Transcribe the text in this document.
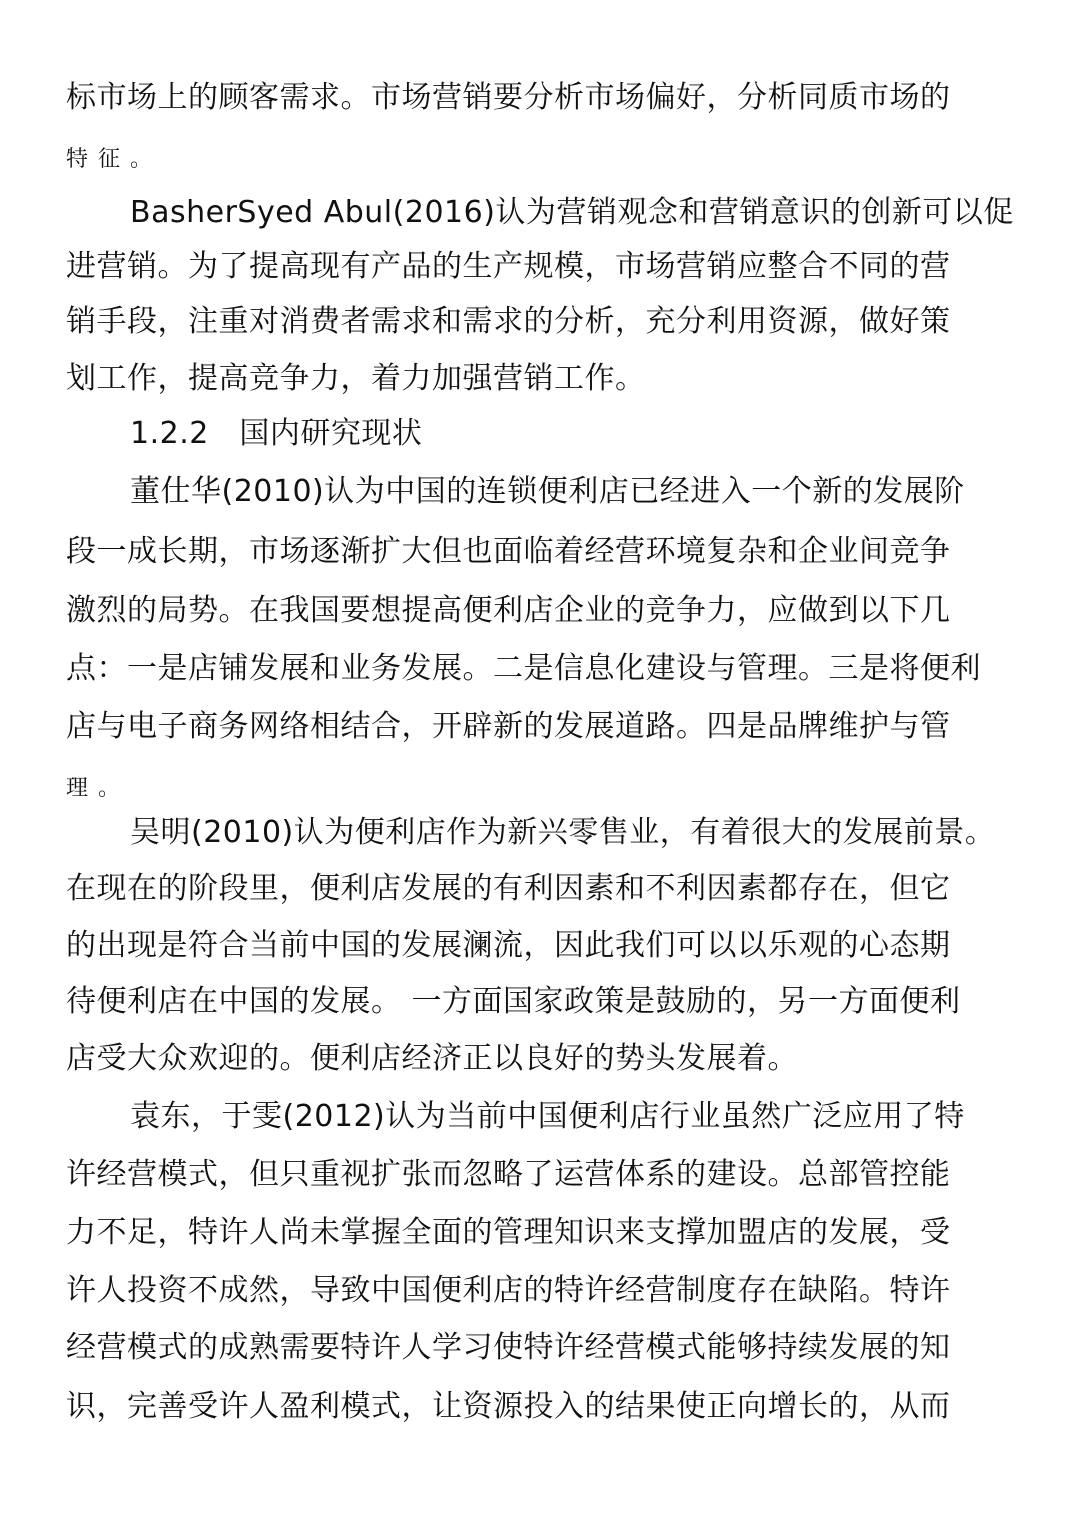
标市场上的顾客需求。市场营销要分析市场偏好，分析同质市场的
特征。
BasherSyed Abul(2016)认为营销观念和营销意识的创新可以促
进营销。为了提高现有产品的生产规模，市场营销应整合不同的营
销手段，注重对消费者需求和需求的分析，充分利用资源，做好策
划工作，提高竞争力，着力加强营销工作。
1.2.2　国内研究现状
董仕华(2010)认为中国的连锁便利店已经进入一个新的发展阶
段一成长期，市场逐渐扩大但也面临着经营环境复杂和企业间竞争
激烈的局势。在我国要想提高便利店企业的竞争力，应做到以下几
点：一是店铺发展和业务发展。二是信息化建设与管理。三是将便利
店与电子商务网络相结合，开辟新的发展道路。四是品牌维护与管
理。
吴明(2010)认为便利店作为新兴零售业，有着很大的发展前景。
在现在的阶段里，便利店发展的有利因素和不利因素都存在，但它
的出现是符合当前中国的发展澜流，因此我们可以以乐观的心态期
待便利店在中国的发展。 一方面国家政策是鼓励的，另一方面便利
店受大众欢迎的。便利店经济正以良好的势头发展着。
袁东，于雯(2012)认为当前中国便利店行业虽然广泛应用了特
许经营模式，但只重视扩张而忽略了运营体系的建设。总部管控能
力不足，特许人尚未掌握全面的管理知识来支撑加盟店的发展，受
许人投资不成然，导致中国便利店的特许经营制度存在缺陷。特许
经营模式的成熟需要特许人学习使特许经营模式能够持续发展的知
识，完善受许人盈利模式，让资源投入的结果使正向增长的，从而
